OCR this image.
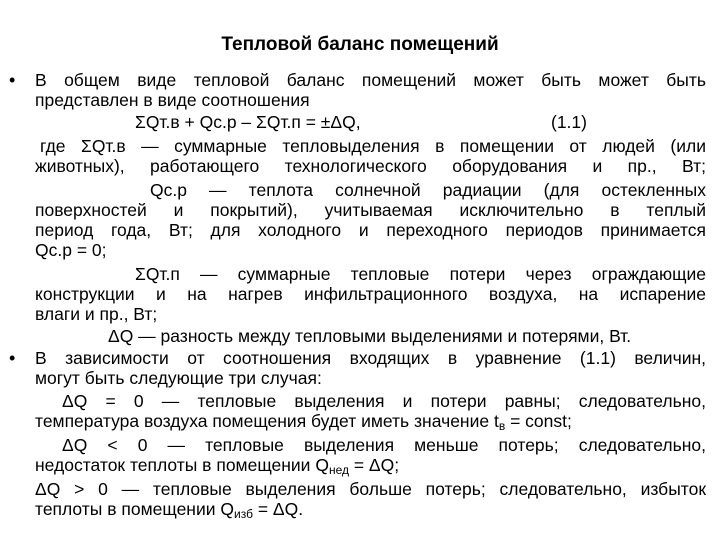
Тепловой баланс помещений
•
•
В общем виде тепловой баланс помещений может быть может быть
представлен в виде соотношения
ΣQт.в + Qс.р – ΣQт.п = ±ΔQ,	(1.1)
где ΣQт.в — суммарные тепловыделения в помещении от людей (или
животных), работающего технологического оборудования и пр., Вт;
Qс.р — теплота солнечной радиации (для остекленных
поверхностей и покрытий), учитываемая исключительно в теплый
период года, Вт; для холодного и переходного периодов принимается
Qс.р = 0;
ΣQт.п — суммарные тепловые потери через ограждающие
конструкции и на нагрев инфильтрационного воздуха, на испарение
влаги и пр., Вт;
ΔQ — разность между тепловыми выделениями и потерями, Вт.
В зависимости от соотношения входящих в уравнение (1.1) величин,
могут быть следующие три случая:
ΔQ = 0 — тепловые выделения и потери равны; следовательно,
температура воздуха помещения будет иметь значение $t_в$ = const;
ΔQ < 0 — тепловые выделения меньше потерь; следовательно,
недостаток теплоты в помещении $Q_{нед} = \Delta Q$;
ΔQ > 0 — тепловые выделения больше потерь; следовательно, избыток
теплоты в помещении $Q_{изб} = \Delta Q$.
